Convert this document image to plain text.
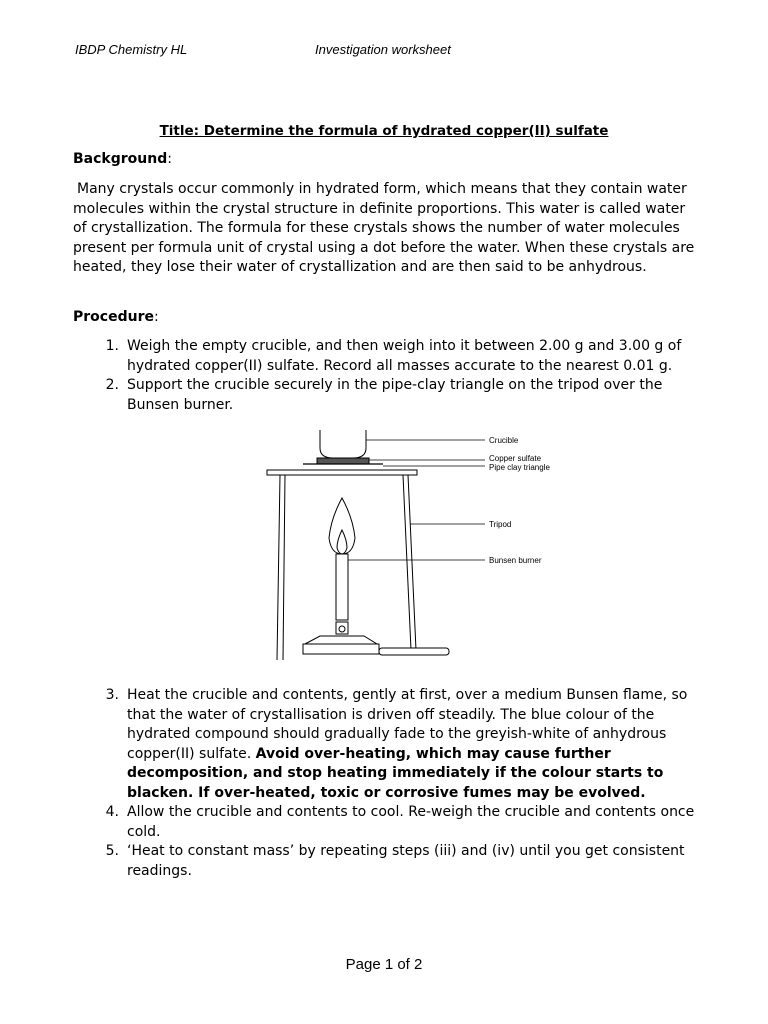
IBDP Chemistry HL	Investigation worksheet
Title: Determine the formula of hydrated copper(II) sulfate
Background:
Many crystals occur commonly in hydrated form, which means that they contain water molecules within the crystal structure in definite proportions. This water is called water of crystallization. The formula for these crystals shows the number of water molecules present per formula unit of crystal using a dot before the water. When these crystals are heated, they lose their water of crystallization and are then said to be anhydrous.
Procedure:
1. Weigh the empty crucible, and then weigh into it between 2.00 g and 3.00 g of hydrated copper(II) sulfate. Record all masses accurate to the nearest 0.01 g.
2. Support the crucible securely in the pipe-clay triangle on the tripod over the Bunsen burner.
Crucible
Copper sulfate
Pipe clay triangle
Tripod
Bunsen burner
3. Heat the crucible and contents, gently at first, over a medium Bunsen flame, so that the water of crystallisation is driven off steadily. The blue colour of the hydrated compound should gradually fade to the greyish-white of anhydrous copper(II) sulfate. Avoid over-heating, which may cause further decomposition, and stop heating immediately if the colour starts to blacken. If over-heated, toxic or corrosive fumes may be evolved.
4. Allow the crucible and contents to cool. Re-weigh the crucible and contents once cold.
5. ‘Heat to constant mass’ by repeating steps (iii) and (iv) until you get consistent readings.
Page 1 of 2
